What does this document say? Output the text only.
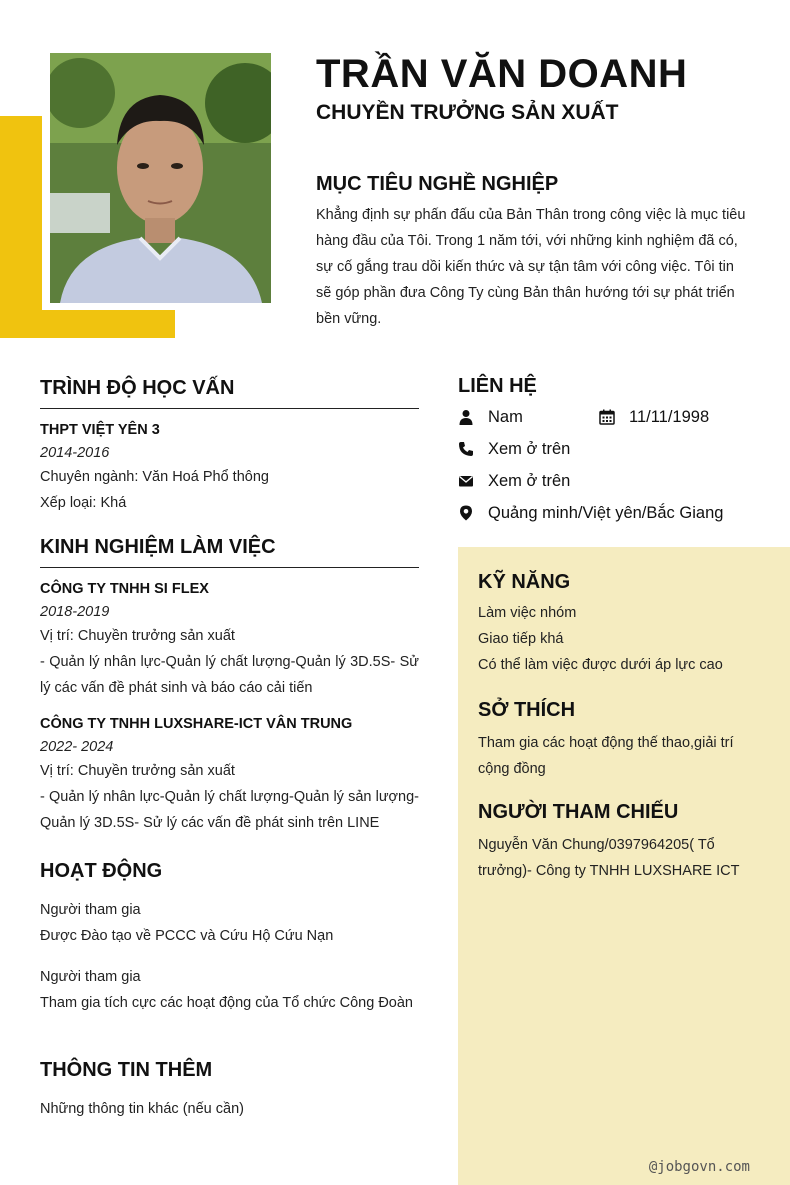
TRẦN VĂN DOANH
CHUYỀN TRƯỞNG SẢN XUẤT
MỤC TIÊU NGHỀ NGHIỆP

Khẳng định sự phấn đấu của Bản Thân trong công việc là mục tiêu hàng đầu của Tôi. Trong 1 năm tới, với những kinh nghiệm đã có, sự cố gắng trau dồi kiến thức và sự tận tâm với công việc. Tôi tin sẽ góp phần đưa Công Ty cùng Bản thân hướng tới sự phát triển bền vững.

TRÌNH ĐỘ HỌC VẤN

THPT VIỆT YÊN 3

2014-2016

Chuyên ngành: Văn Hoá Phổ thông

Xếp loại: Khá

KINH NGHIỆM LÀM VIỆC

CÔNG TY TNHH SI FLEX

2018-2019

Vị trí: Chuyền trưởng sản xuất

- Quản lý nhân lực-Quản lý chất lượng-Quản lý 3D.5S- Sử lý các vấn đề phát sinh và báo cáo cải tiến

CÔNG TY TNHH LUXSHARE-ICT VÂN TRUNG

2022- 2024

Vị trí: Chuyền trưởng sản xuất

- Quản lý nhân lực-Quản lý chất lượng-Quản lý sản lượng-Quản lý 3D.5S- Sử lý các vấn đề phát sinh trên LINE

HOẠT ĐỘNG

Người tham gia

Được Đào tạo về PCCC và Cứu Hộ Cứu Nạn

Người tham gia

Tham gia tích cực các hoạt động của Tổ chức Công Đoàn

THÔNG TIN THÊM

Những thông tin khác (nếu cần)

LIÊN HỆ
Nam	11/11/1998
Xem ở trên
Xem ở trên
Quảng minh/Việt yên/Bắc Giang
KỸ NĂNG

Làm việc nhóm

Giao tiếp khá

Có thể làm việc được dưới áp lực cao

SỞ THÍCH

Tham gia các hoạt động thế thao,giải trí cộng đồng

NGƯỜI THAM CHIẾU

Nguyễn Văn Chung/0397964205( Tổ trưởng)- Công ty TNHH LUXSHARE ICT

@jobgovn.com
